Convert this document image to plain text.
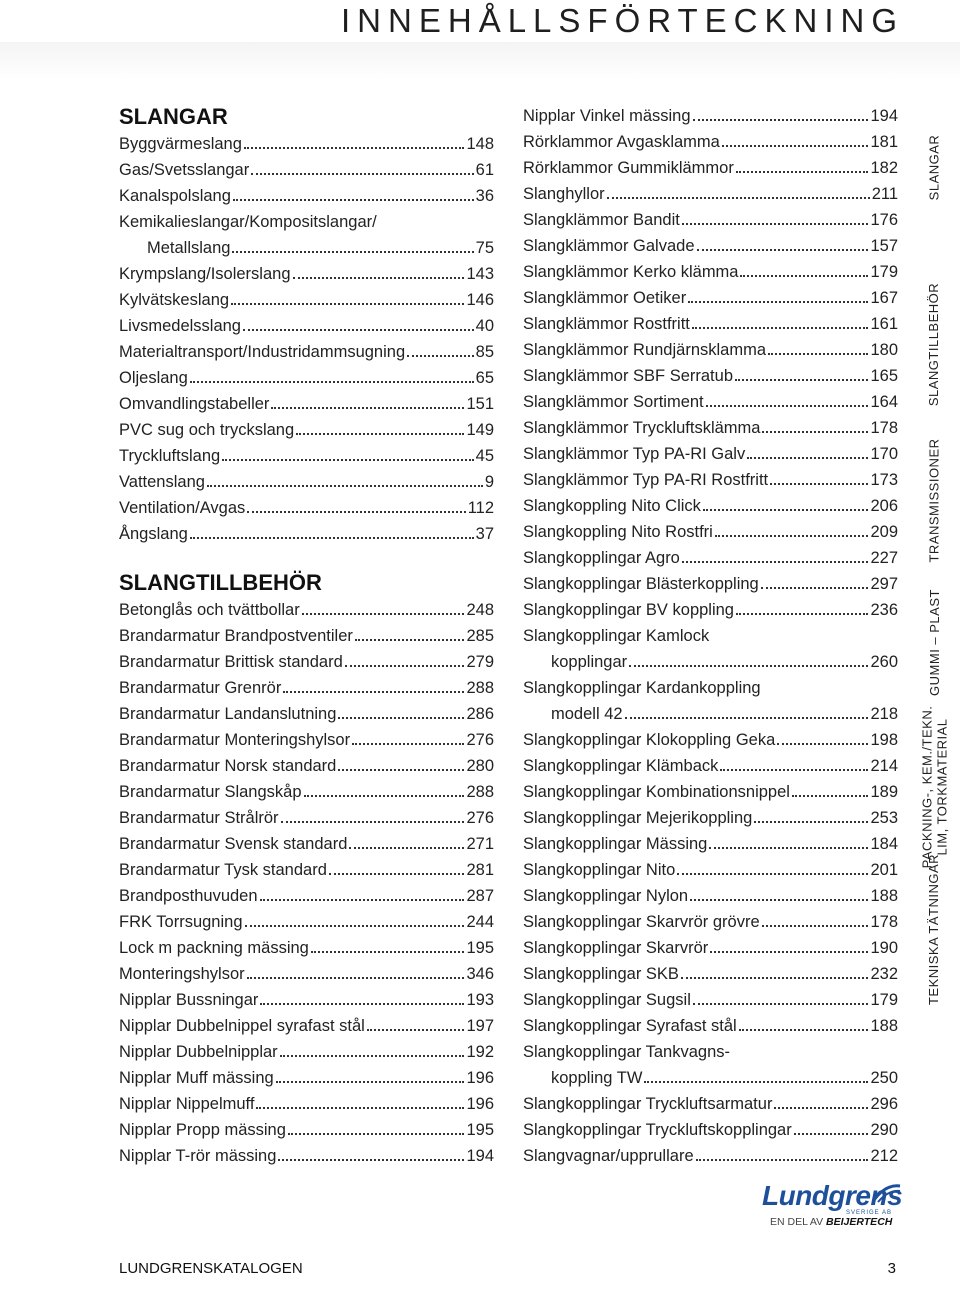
INNEHÅLLSFÖRTECKNING
SLANGAR
Byggvärmeslang	148
Gas/Svetsslangar	61
Kanalspolslang	36
Kemikalieslangar/Kompositslangar/
Metallslang	75
Krympslang/Isolerslang	143
Kylvätskeslang	146
Livsmedelsslang	40
Materialtransport/Industridammsugning	85
Oljeslang	65
Omvandlingstabeller	151
PVC sug och tryckslang	149
Tryckluftslang	45
Vattenslang	9
Ventilation/Avgas	112
Ångslang	37
SLANGTILLBEHÖR
Betonglås och tvättbollar	248
Brandarmatur Brandpostventiler	285
Brandarmatur Brittisk standard	279
Brandarmatur Grenrör	288
Brandarmatur Landanslutning	286
Brandarmatur Monteringshylsor	276
Brandarmatur Norsk standard	280
Brandarmatur Slangskåp	288
Brandarmatur Strålrör	276
Brandarmatur Svensk standard	271
Brandarmatur Tysk standard	281
Brandposthuvuden	287
FRK Torrsugning	244
Lock m packning mässing	195
Monteringshylsor	346
Nipplar Bussningar	193
Nipplar Dubbelnippel syrafast stål	197
Nipplar Dubbelnipplar	192
Nipplar Muff mässing	196
Nipplar Nippelmuff	196
Nipplar Propp mässing	195
Nipplar T-rör mässing	194
Nipplar Vinkel mässing	194
Rörklammor Avgasklamma	181
Rörklammor Gummiklämmor	182
Slanghyllor	211
Slangklämmor Bandit	176
Slangklämmor Galvade	157
Slangklämmor Kerko klämma	179
Slangklämmor Oetiker	167
Slangklämmor Rostfritt	161
Slangklämmor Rundjärnsklamma	180
Slangklämmor SBF Serratub	165
Slangklämmor Sortiment	164
Slangklämmor Tryckluftsklämma	178
Slangklämmor Typ PA-RI Galv	170
Slangklämmor Typ PA-RI Rostfritt	173
Slangkoppling Nito Click	206
Slangkoppling Nito Rostfri	209
Slangkopplingar Agro	227
Slangkopplingar Blästerkoppling	297
Slangkopplingar BV koppling	236
Slangkopplingar Kamlock
kopplingar	260
Slangkopplingar Kardankoppling
modell 42	218
Slangkopplingar Klokoppling Geka	198
Slangkopplingar Klämback	214
Slangkopplingar Kombinationsnippel	189
Slangkopplingar Mejerikoppling	253
Slangkopplingar Mässing	184
Slangkopplingar Nito	201
Slangkopplingar Nylon	188
Slangkopplingar Skarvrör grövre	178
Slangkopplingar Skarvrör	190
Slangkopplingar SKB	232
Slangkopplingar Sugsil	179
Slangkopplingar Syrafast stål	188
Slangkopplingar Tankvagns-
koppling TW	250
Slangkopplingar Tryckluftsarmatur	296
Slangkopplingar Tryckluftskopplingar	290
Slangvagnar/upprullare	212
SLANGAR
SLANGTILLBEHÖR
TRANSMISSIONER
GUMMI – PLAST
PACKNING-, KEM./TEKN.
LIM, TORKMATERIAL
TEKNISKA TÄTNINGAR
Lundgrens
SVERIGE AB
EN DEL AV BEIJERTECH
LUNDGRENSKATALOGEN	3
